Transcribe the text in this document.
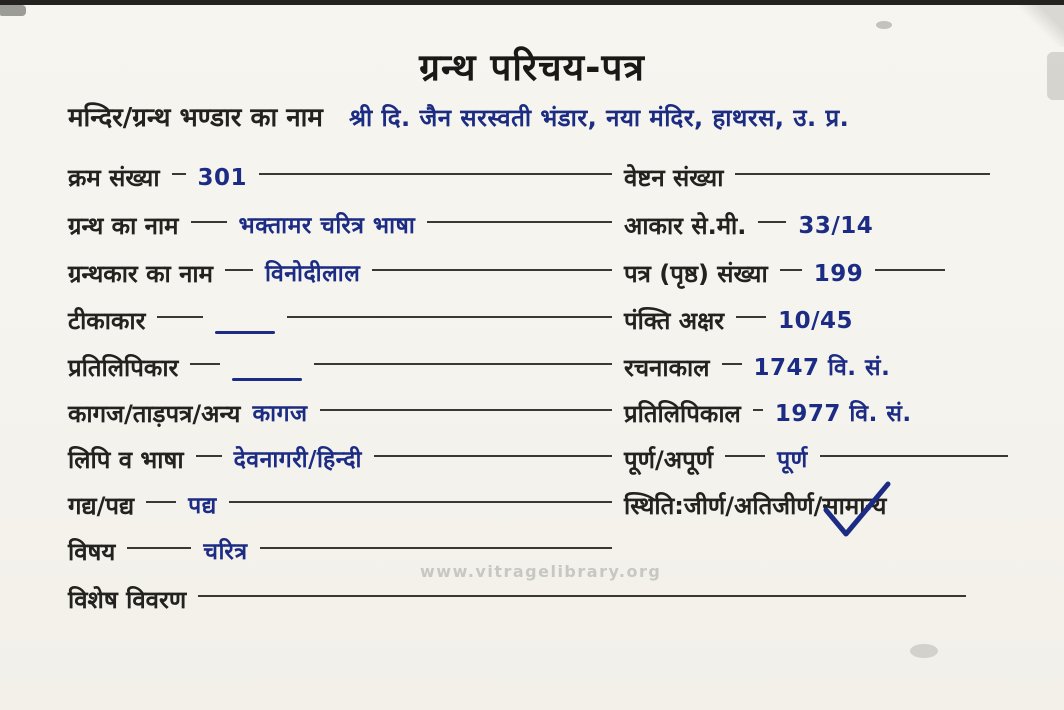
ग्रन्थ परिचय-पत्र
मन्दिर/ग्रन्थ भण्डार का नाम श्री दि. जैन सरस्वती भंडार, नया मंदिर, हाथरस, उ. प्र.
क्रम संख्या 301	वेष्टन संख्या
ग्रन्थ का नाम	भक्तामर चरित्र भाषा	आकार से.मी. 33/14
ग्रन्थकार का नाम विनोदीलाल	पत्र (पृष्ठ) संख्या 199
टीकाकार	पंक्ति अक्षर 10/45
प्रतिलिपिकार	रचनाकाल 1747 वि. सं.
कागज/ताड़पत्र/अन्य कागज	प्रतिलिपिकाल 1977 वि. सं.
लिपि व भाषा देवनागरी/हिन्दी	पूर्ण/अपूर्ण	पूर्ण
गद्य/पद्य पद्य	स्थिति:जीर्ण/अतिजीर्ण/ सामान्य
विषय	चरित्र
विशेष विवरण
www.vitragelibrary.org
